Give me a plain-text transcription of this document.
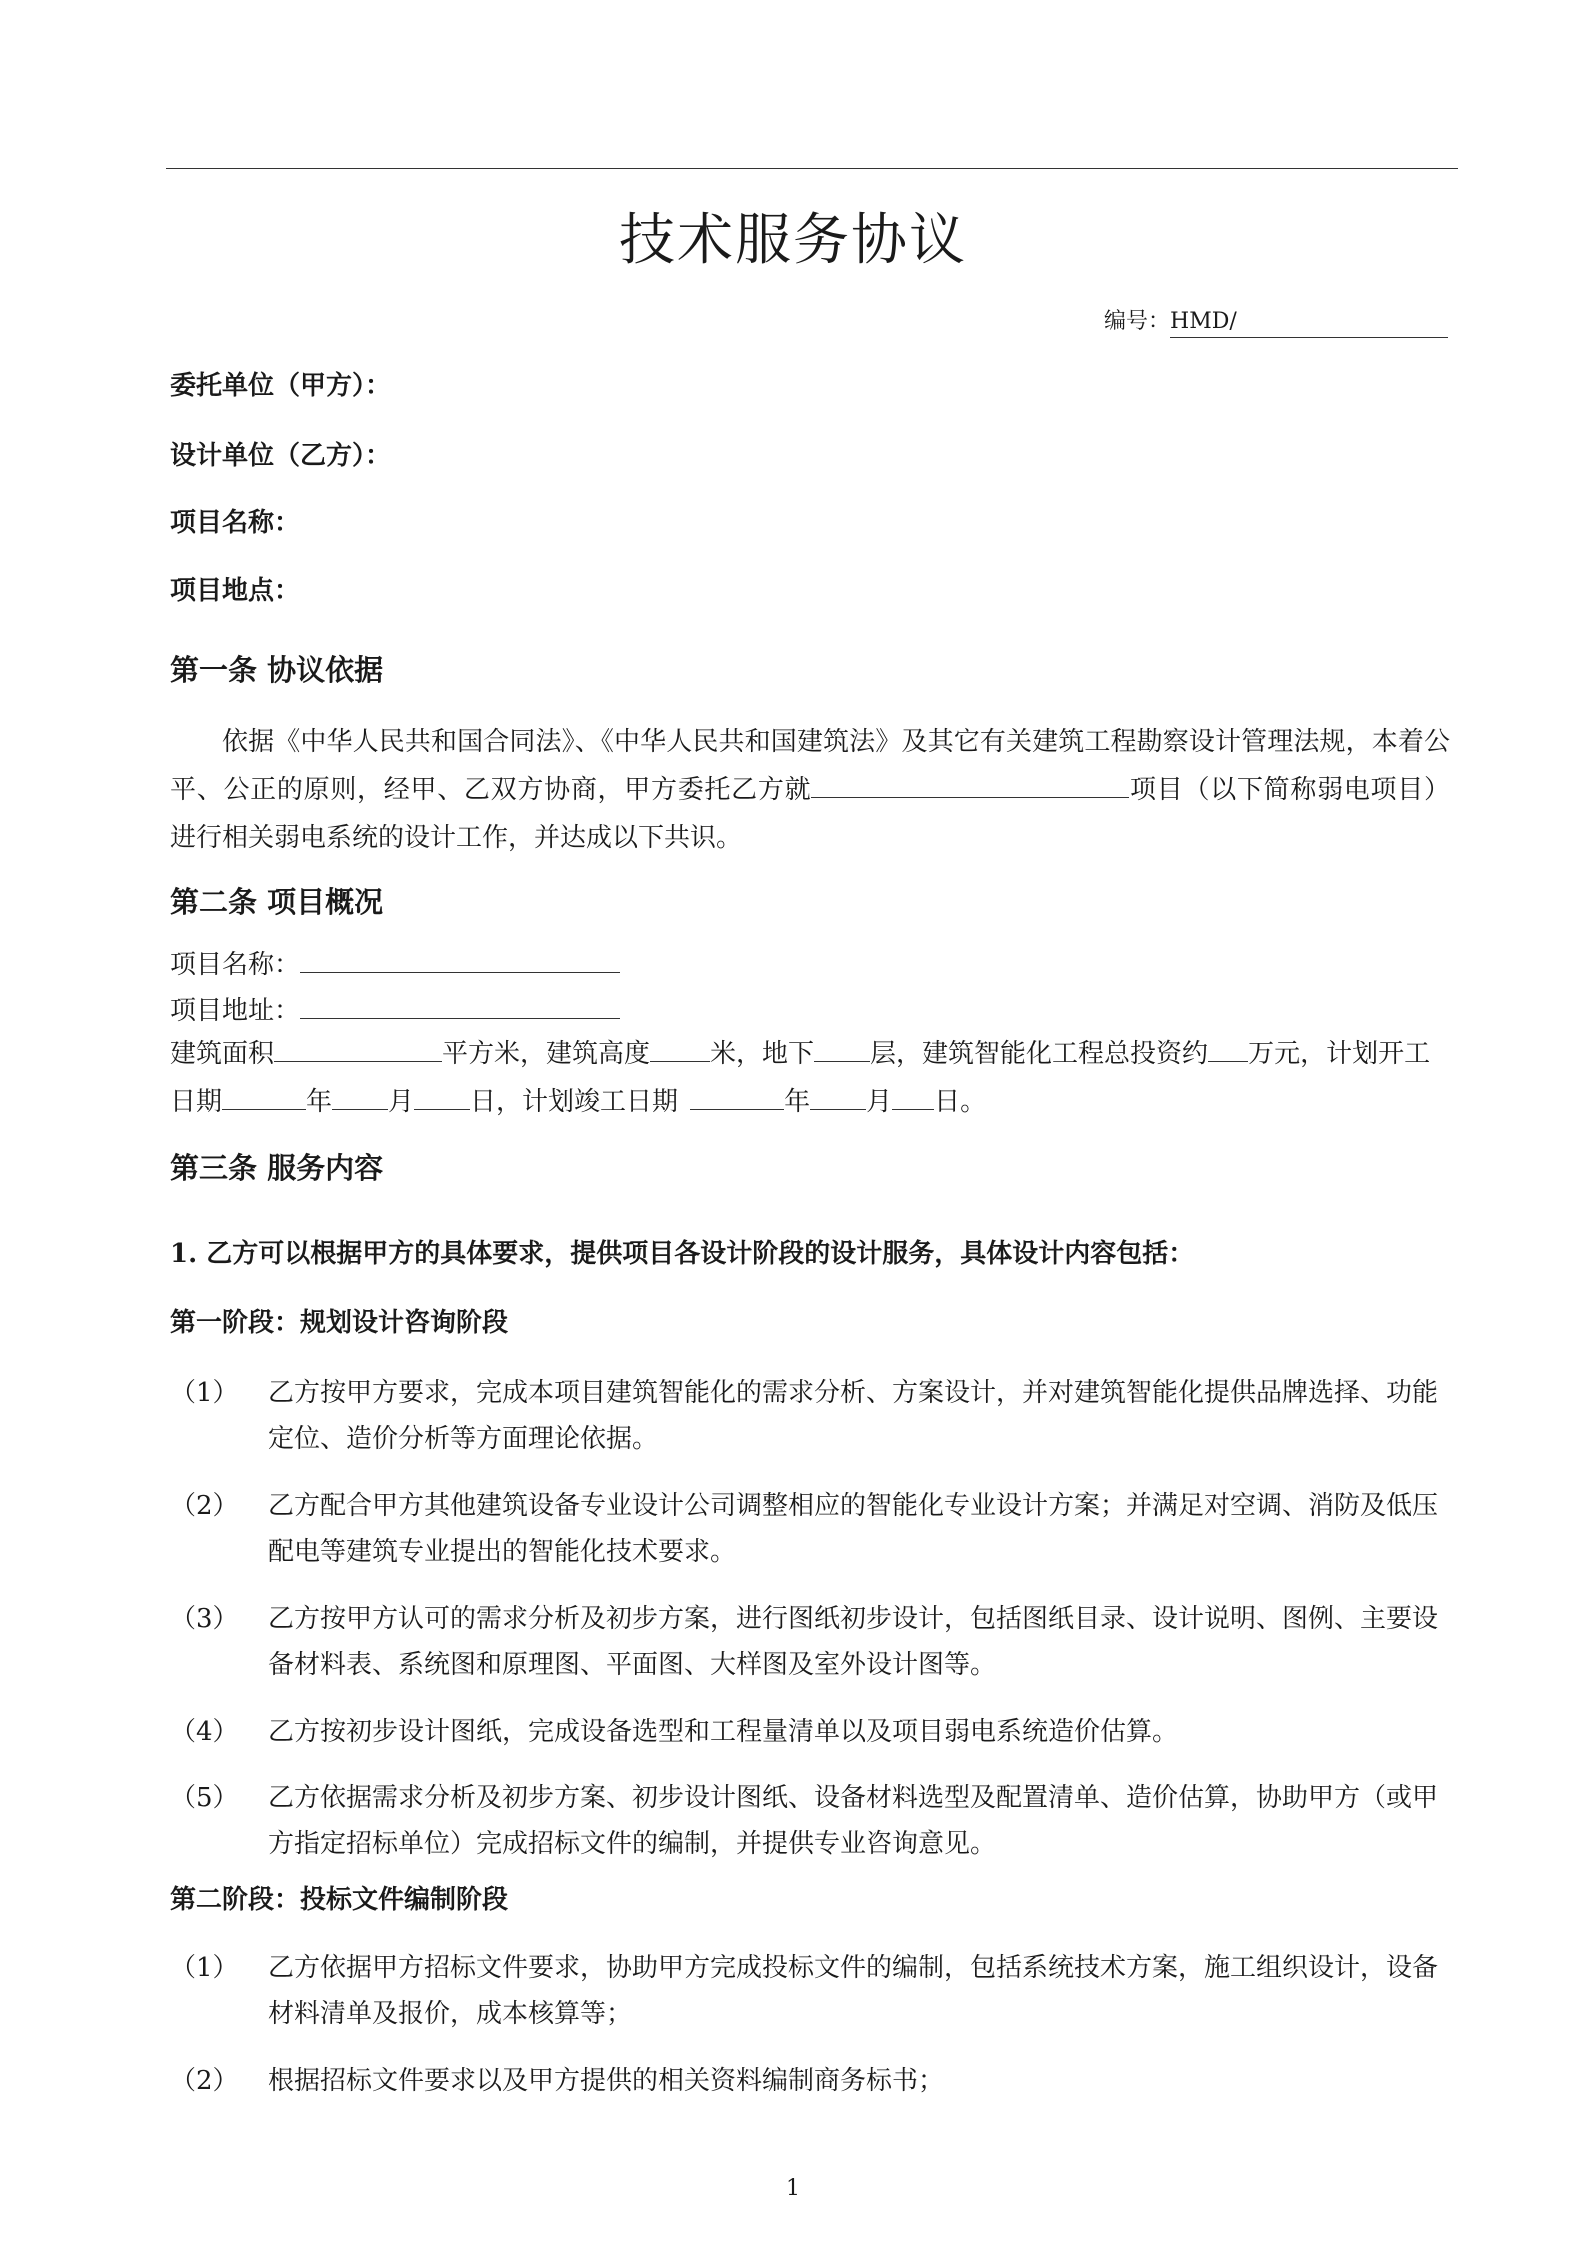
技术服务协议
编号：HMD/
委托单位（甲方）：
设计单位（乙方）：
项目名称：
项目地点：
第一条 协议依据
依据《中华人民共和国合同法》、《中华人民共和国建筑法》及其它有关建筑工程勘察设计管理法规，本着公平、公正的原则，经甲、乙双方协商，甲方委托乙方就	项目（以下简称弱电项目）进行相关弱电系统的设计工作，并达成以下共识。
第二条 项目概况
项目名称：
项目地址：
建筑面积	平方米，建筑高度 米，地下 层，建筑智能化工程总投资约 万元，计划开工日期	年 月 日，计划竣工日期	年 月 日。
第三条 服务内容
1. 乙方可以根据甲方的具体要求，提供项目各设计阶段的设计服务，具体设计内容包括：
第一阶段：规划设计咨询阶段
（1）	乙方按甲方要求，完成本项目建筑智能化的需求分析、方案设计，并对建筑智能化提供品牌选择、功能定位、造价分析等方面理论依据。
（2）	乙方配合甲方其他建筑设备专业设计公司调整相应的智能化专业设计方案；并满足对空调、消防及低压配电等建筑专业提出的智能化技术要求。
（3）	乙方按甲方认可的需求分析及初步方案，进行图纸初步设计，包括图纸目录、设计说明、图例、主要设备材料表、系统图和原理图、平面图、大样图及室外设计图等。
（4）	乙方按初步设计图纸，完成设备选型和工程量清单以及项目弱电系统造价估算。
（5）	乙方依据需求分析及初步方案、初步设计图纸、设备材料选型及配置清单、造价估算，协助甲方（或甲方指定招标单位）完成招标文件的编制，并提供专业咨询意见。
第二阶段：投标文件编制阶段
（1）	乙方依据甲方招标文件要求，协助甲方完成投标文件的编制，包括系统技术方案，施工组织设计，设备材料清单及报价，成本核算等；
（2）	根据招标文件要求以及甲方提供的相关资料编制商务标书；
1
